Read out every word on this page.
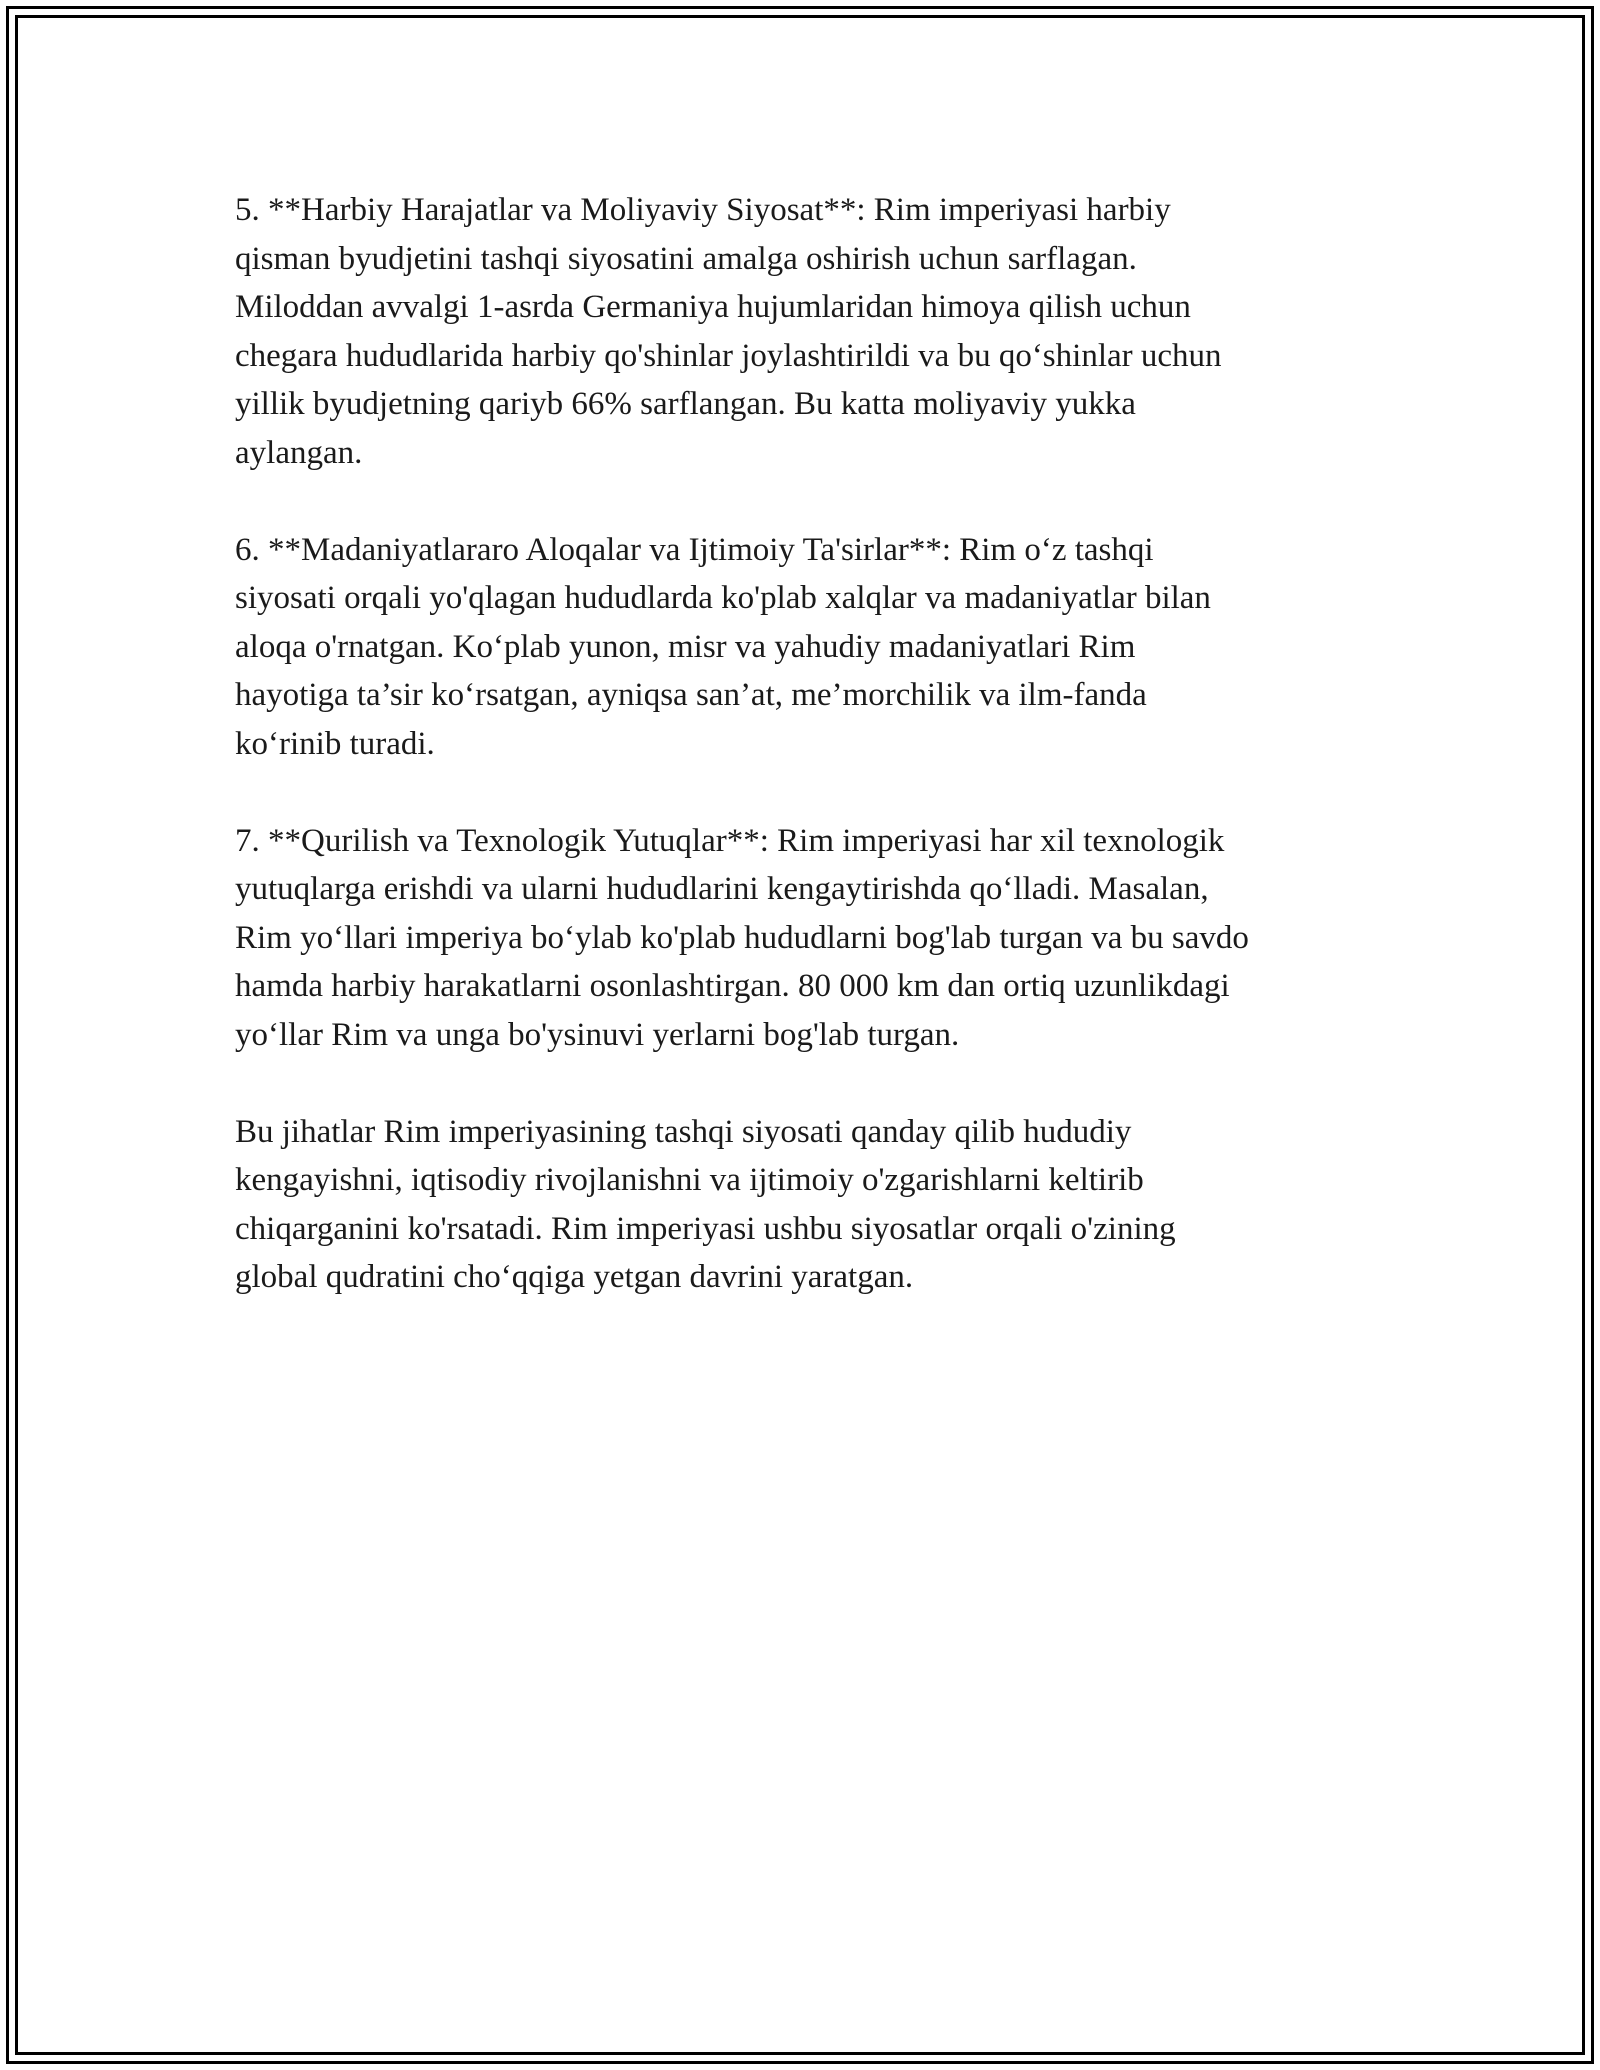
5. **Harbiy Harajatlar va Moliyaviy Siyosat**: Rim imperiyasi harbiy
qisman byudjetini tashqi siyosatini amalga oshirish uchun sarflagan.
Miloddan avvalgi 1-asrda Germaniya hujumlaridan himoya qilish uchun
chegara hududlarida harbiy qo'shinlar joylashtirildi va bu qo‘shinlar uchun
yillik byudjetning qariyb 66% sarflangan. Bu katta moliyaviy yukka
aylangan.

6. **Madaniyatlararo Aloqalar va Ijtimoiy Ta'sirlar**: Rim o‘z tashqi
siyosati orqali yo'qlagan hududlarda ko'plab xalqlar va madaniyatlar bilan
aloqa o'rnatgan. Ko‘plab yunon, misr va yahudiy madaniyatlari Rim
hayotiga ta’sir ko‘rsatgan, ayniqsa san’at, me’morchilik va ilm-fanda
ko‘rinib turadi.

7. **Qurilish va Texnologik Yutuqlar**: Rim imperiyasi har xil texnologik
yutuqlarga erishdi va ularni hududlarini kengaytirishda qo‘lladi. Masalan,
Rim yo‘llari imperiya bo‘ylab ko'plab hududlarni bog'lab turgan va bu savdo
hamda harbiy harakatlarni osonlashtirgan. 80 000 km dan ortiq uzunlikdagi
yo‘llar Rim va unga bo'ysinuvi yerlarni bog'lab turgan.

Bu jihatlar Rim imperiyasining tashqi siyosati qanday qilib hududiy
kengayishni, iqtisodiy rivojlanishni va ijtimoiy o'zgarishlarni keltirib
chiqarganini ko'rsatadi. Rim imperiyasi ushbu siyosatlar orqali o'zining
global qudratini cho‘qqiga yetgan davrini yaratgan.
